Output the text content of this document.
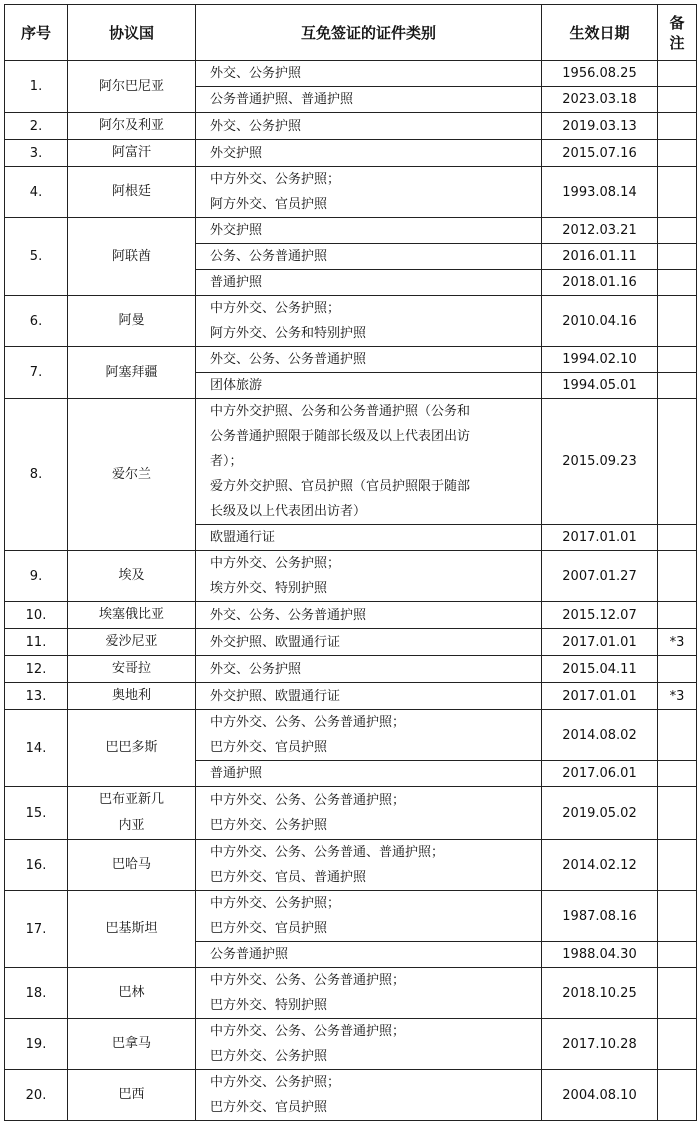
序号	协议国	互免签证的证件类别	生效日期	备
注

1.	阿尔巴尼亚	外交、公务护照	1956.08.25	

		公务普通护照、普通护照	2023.03.18	
2.	阿尔及利亚	外交、公务护照	2019.03.13	
3.	阿富汗	外交护照	2015.07.16	
4.	阿根廷	中方外交、公务护照；
阿方外交、官员护照	1993.08.14	
5.	阿联酋	外交护照	2012.03.21	

		公务、公务普通护照	2016.01.11	

		普通护照	2018.01.16	
6.	阿曼	中方外交、公务护照；
阿方外交、公务和特别护照	2010.04.16	
7.	阿塞拜疆	外交、公务、公务普通护照	1994.02.10	

		团体旅游	1994.05.01	
8.	爱尔兰	中方外交护照、公务和公务普通护照（公务和
公务普通护照限于随部长级及以上代表团出访
者）；
爱方外交护照、官员护照（官员护照限于随部
长级及以上代表团出访者）	2015.09.23	

		欧盟通行证	2017.01.01	
9.	埃及	中方外交、公务护照；
埃方外交、特别护照	2007.01.27	
10.	埃塞俄比亚	外交、公务、公务普通护照	2015.12.07	
11.	爱沙尼亚	外交护照、欧盟通行证	2017.01.01	*3
12.	安哥拉	外交、公务护照	2015.04.11	
13.	奥地利	外交护照、欧盟通行证	2017.01.01	*3
14.	巴巴多斯	中方外交、公务、公务普通护照；
巴方外交、官员护照	2014.08.02	

		普通护照	2017.06.01	
15.	巴布亚新几
内亚	中方外交、公务、公务普通护照；
巴方外交、公务护照	2019.05.02	
16.	巴哈马	中方外交、公务、公务普通、普通护照；
巴方外交、官员、普通护照	2014.02.12	
17.	巴基斯坦	中方外交、公务护照；
巴方外交、官员护照	1987.08.16	

		公务普通护照	1988.04.30	
18.	巴林	中方外交、公务、公务普通护照；
巴方外交、特别护照	2018.10.25	
19.	巴拿马	中方外交、公务、公务普通护照；
巴方外交、公务护照	2017.10.28	
20.	巴西	中方外交、公务护照；
巴方外交、官员护照	2004.08.10	
